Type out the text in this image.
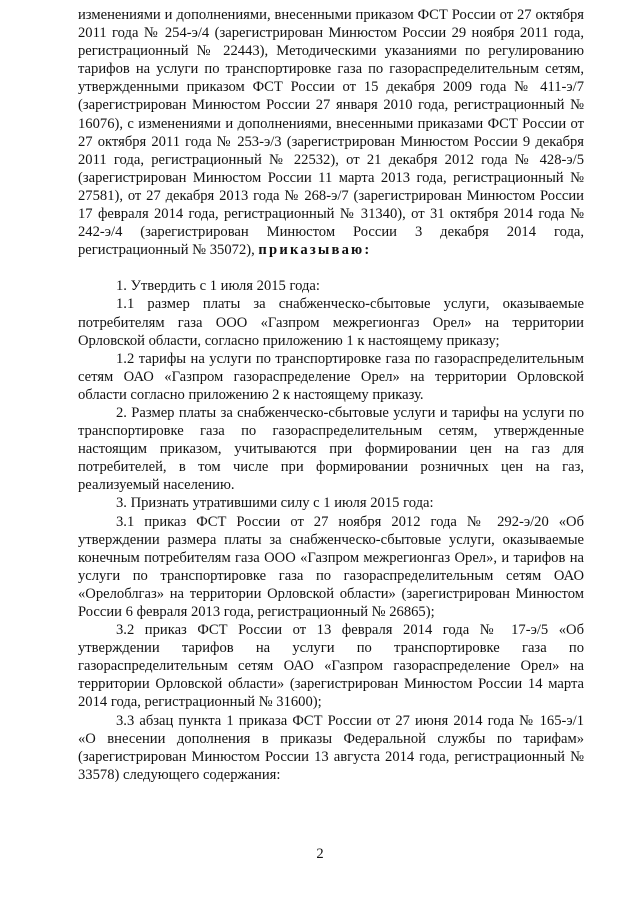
изменениями и дополнениями, внесенными приказом ФСТ России от 27 октября 2011 года № 254-э/4 (зарегистрирован Минюстом России 29 ноября 2011 года, регистрационный № 22443), Методическими указаниями по регулированию тарифов на услуги по транспортировке газа по газораспределительным сетям, утвержденными приказом ФСТ России от 15 декабря 2009 года № 411-э/7 (зарегистрирован Минюстом России 27 января 2010 года, регистрационный № 16076), с изменениями и дополнениями, внесенными приказами ФСТ России от 27 октября 2011 года № 253-э/3 (зарегистрирован Минюстом России 9 декабря 2011 года, регистрационный № 22532), от 21 декабря 2012 года № 428-э/5 (зарегистрирован Минюстом России 11 марта 2013 года, регистрационный № 27581), от 27 декабря 2013 года № 268-э/7 (зарегистрирован Минюстом России 17 февраля 2014 года, регистрационный № 31340), от 31 октября 2014 года № 242-э/4 (зарегистрирован Минюстом России 3 декабря 2014 года, регистрационный № 35072), приказываю:

1. Утвердить с 1 июля 2015 года:

1.1 размер платы за снабженческо-сбытовые услуги, оказываемые потребителям газа ООО «Газпром межрегионгаз Орел» на территории Орловской области, согласно приложению 1 к настоящему приказу;

1.2 тарифы на услуги по транспортировке газа по газораспределительным сетям ОАО «Газпром газораспределение Орел» на территории Орловской области согласно приложению 2 к настоящему приказу.

2. Размер платы за снабженческо-сбытовые услуги и тарифы на услуги по транспортировке газа по газораспределительным сетям, утвержденные настоящим приказом, учитываются при формировании цен на газ для потребителей, в том числе при формировании розничных цен на газ, реализуемый населению.

3. Признать утратившими силу с 1 июля 2015 года:

3.1 приказ ФСТ России от 27 ноября 2012 года № 292-э/20 «Об утверждении размера платы за снабженческо-сбытовые услуги, оказываемые конечным потребителям газа ООО «Газпром межрегионгаз Орел», и тарифов на услуги по транспортировке газа по газораспределительным сетям ОАО «Орелоблгаз» на территории Орловской области» (зарегистрирован Минюстом России 6 февраля 2013 года, регистрационный № 26865);

3.2 приказ ФСТ России от 13 февраля 2014 года № 17-э/5 «Об утверждении тарифов на услуги по транспортировке газа по газораспределительным сетям ОАО «Газпром газораспределение Орел» на территории Орловской области» (зарегистрирован Минюстом России 14 марта 2014 года, регистрационный № 31600);

3.3 абзац пункта 1 приказа ФСТ России от 27 июня 2014 года № 165-э/1 «О внесении дополнения в приказы Федеральной службы по тарифам» (зарегистрирован Минюстом России 13 августа 2014 года, регистрационный № 33578) следующего содержания:

2
